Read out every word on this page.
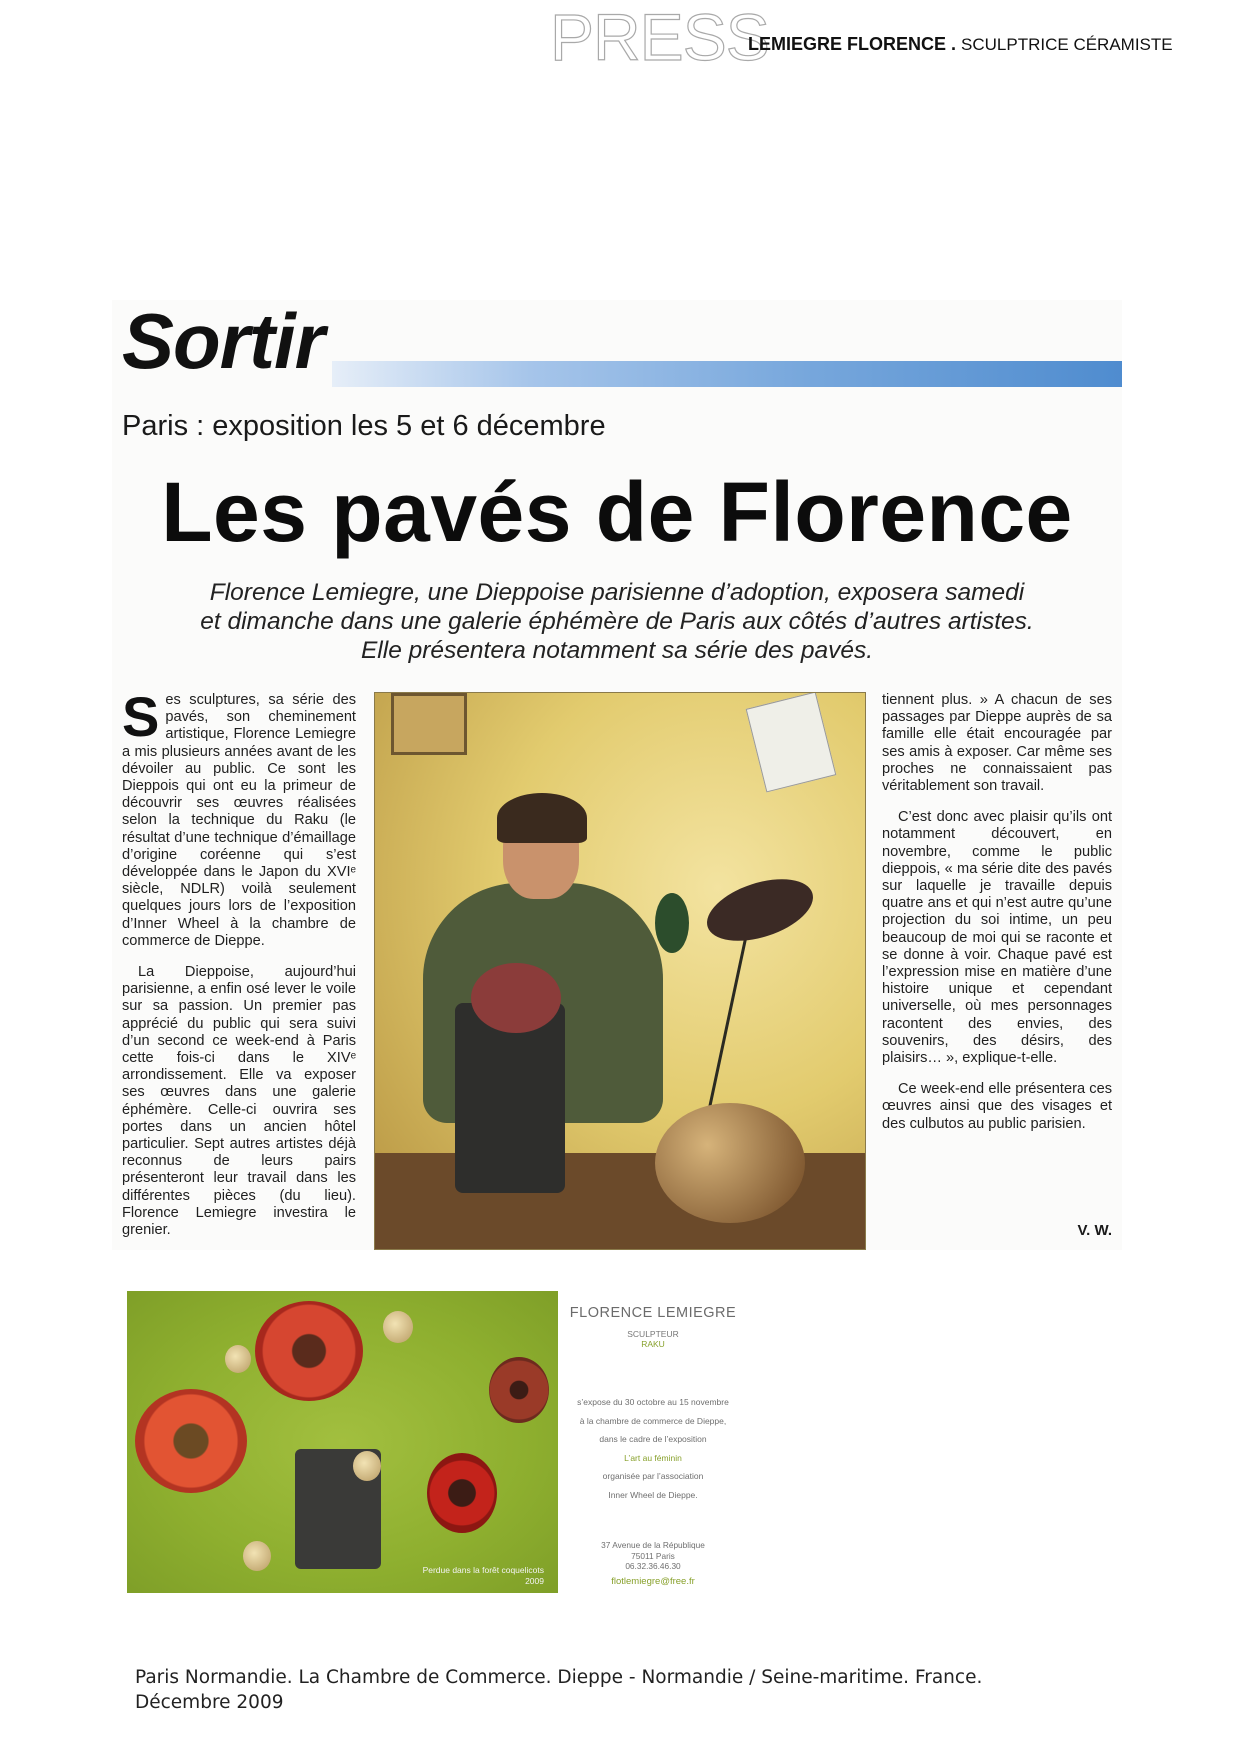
PRESS
LEMIEGRE FLORENCE . SCULPTRICE CÉRAMISTE
Sortir
Paris : exposition les 5 et 6 décembre
Les pavés de Florence
Florence Lemiegre, une Dieppoise parisienne d’adoption, exposera samedi
et dimanche dans une galerie éphémère de Paris aux côtés d’autres artistes.
Elle présentera notamment sa série des pavés.

Ses sculptures, sa série des pavés, son cheminement artistique, Florence Lemiegre a mis plusieurs années avant de les dévoiler au public. Ce sont les Dieppois qui ont eu la primeur de découvrir ses œuvres réalisées selon la technique du Raku (le résultat d’une technique d’émaillage d’origine coréenne qui s’est développée dans le Japon du XVIᵉ siècle, NDLR) voilà seulement quelques jours lors de l’exposition d’Inner Wheel à la chambre de commerce de Dieppe.

La Dieppoise, aujourd’hui parisienne, a enfin osé lever le voile sur sa passion. Un premier pas apprécié du public qui sera suivi d’un second ce week-end à Paris cette fois-ci dans le XIVᵉ arrondissement. Elle va exposer ses œuvres dans une galerie éphémère. Celle-ci ouvrira ses portes dans un ancien hôtel particulier. Sept autres artistes déjà reconnus de leurs pairs présenteront leur travail dans les différentes pièces (du lieu). Florence Lemiegre investira le grenier.

tiennent plus. » A chacun de ses passages par Dieppe auprès de sa famille elle était encouragée par ses amis à exposer. Car même ses proches ne connaissaient pas véritablement son travail.

C’est donc avec plaisir qu’ils ont notamment découvert, en novembre, comme le public dieppois, « ma série dite des pavés sur laquelle je travaille depuis quatre ans et qui n’est autre qu’une projection du soi intime, un peu beaucoup de moi qui se raconte et se donne à voir. Chaque pavé est l’expression mise en matière d’une histoire unique et cependant universelle, où mes personnages racontent des envies, des souvenirs, des désirs, des plaisirs… », explique-t-elle.

Ce week-end elle présentera ces œuvres ainsi que des visages et des culbutos au public parisien.

V. W.
Perdue dans la forêt coquelicots
2009
FLORENCE LEMIEGRE
SCULPTEUR
RAKU
s’expose du 30 octobre au 15 novembre
à la chambre de commerce de Dieppe,
dans le cadre de l’exposition
L’art au féminin
organisée par l’association
Inner Wheel de Dieppe.
37 Avenue de la République
75011 Paris
06.32.36.46.30
flotlemiegre@free.fr
Paris Normandie. La Chambre de Commerce. Dieppe - Normandie / Seine-maritime. France.
Décembre 2009
